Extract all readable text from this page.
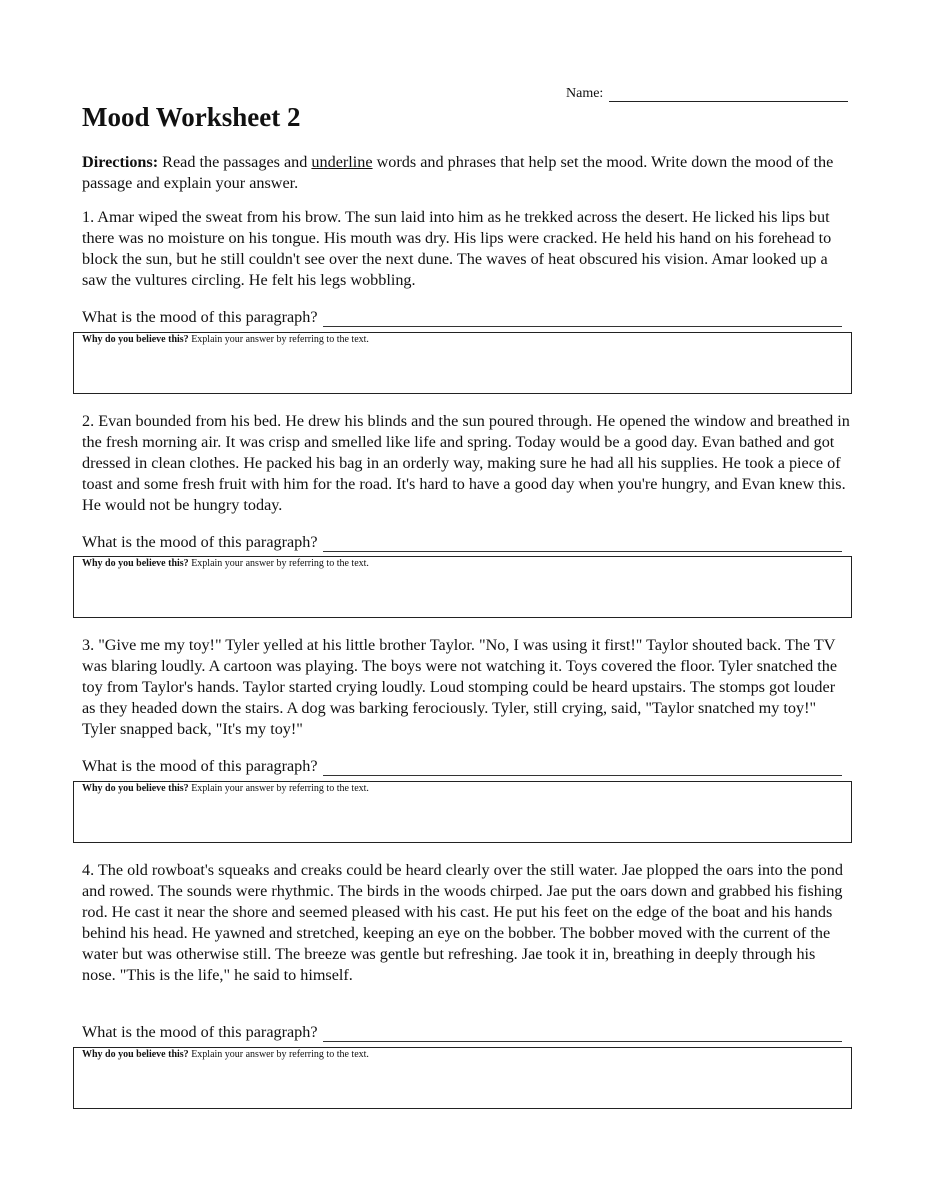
Name:
Mood Worksheet 2

Directions: Read the passages and underline words and phrases that help set the mood. Write down the mood of the passage and explain your answer.

1. Amar wiped the sweat from his brow. The sun laid into him as he trekked across the desert. He licked his lips but there was no moisture on his tongue. His mouth was dry. His lips were cracked. He held his hand on his forehead to block the sun, but he still couldn't see over the next dune. The waves of heat obscured his vision. Amar looked up a saw the vultures circling. He felt his legs wobbling.

What is the mood of this paragraph?
Why do you believe this? Explain your answer by referring to the text.

2. Evan bounded from his bed. He drew his blinds and the sun poured through. He opened the window and breathed in the fresh morning air. It was crisp and smelled like life and spring. Today would be a good day. Evan bathed and got dressed in clean clothes. He packed his bag in an orderly way, making sure he had all his supplies. He took a piece of toast and some fresh fruit with him for the road. It's hard to have a good day when you're hungry, and Evan knew this. He would not be hungry today.

What is the mood of this paragraph?
Why do you believe this? Explain your answer by referring to the text.

3. "Give me my toy!" Tyler yelled at his little brother Taylor. "No, I was using it first!" Taylor shouted back. The TV was blaring loudly. A cartoon was playing. The boys were not watching it. Toys covered the floor. Tyler snatched the toy from Taylor's hands. Taylor started crying loudly. Loud stomping could be heard upstairs. The stomps got louder as they headed down the stairs. A dog was barking ferociously. Tyler, still crying, said, "Taylor snatched my toy!" Tyler snapped back, "It's my toy!"

What is the mood of this paragraph?
Why do you believe this? Explain your answer by referring to the text.

4. The old rowboat's squeaks and creaks could be heard clearly over the still water. Jae plopped the oars into the pond and rowed. The sounds were rhythmic. The birds in the woods chirped. Jae put the oars down and grabbed his fishing rod. He cast it near the shore and seemed pleased with his cast. He put his feet on the edge of the boat and his hands behind his head. He yawned and stretched, keeping an eye on the bobber. The bobber moved with the current of the water but was otherwise still. The breeze was gentle but refreshing. Jae took it in, breathing in deeply through his nose. "This is the life," he said to himself.

What is the mood of this paragraph?
Why do you believe this? Explain your answer by referring to the text.
